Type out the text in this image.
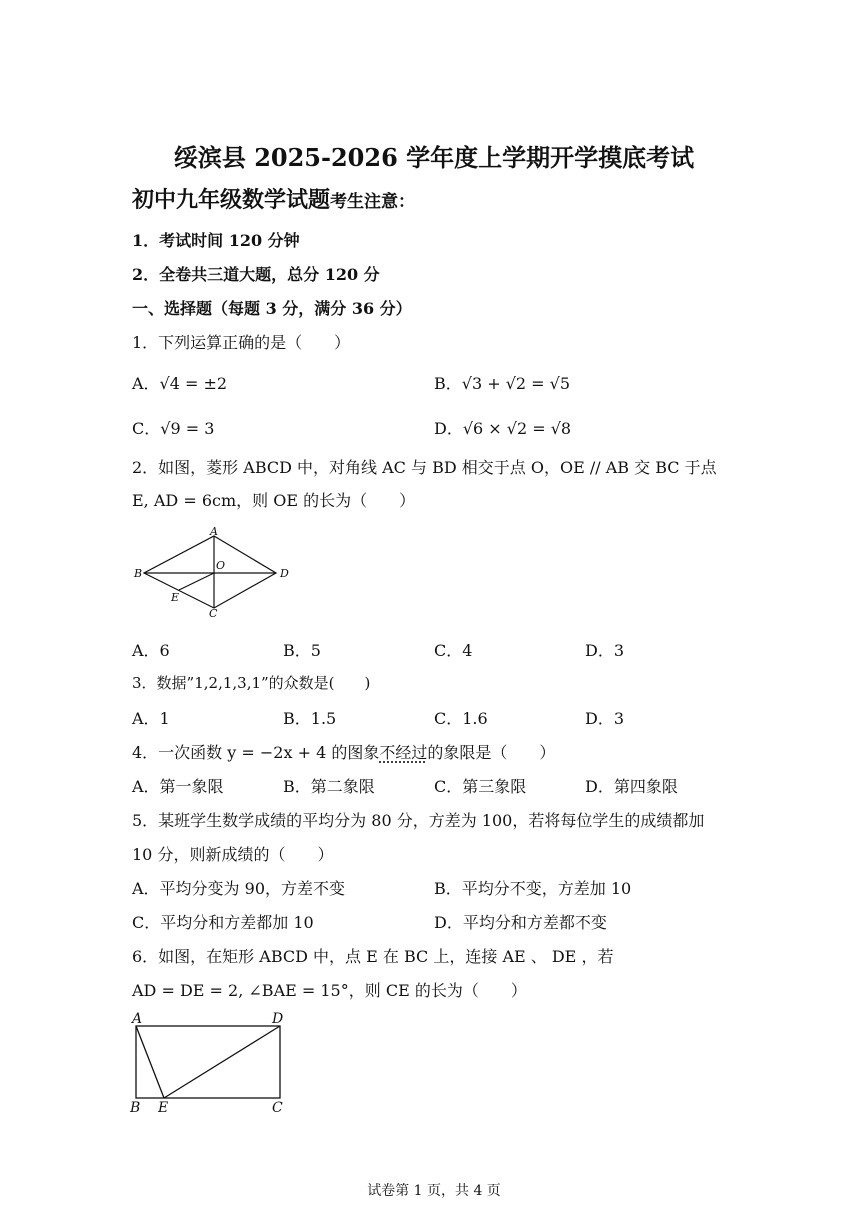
绥滨县 2025-2026 学年度上学期开学摸底考试
初中九年级数学试题考生注意：
1．考试时间 120 分钟
2．全卷共三道大题，总分 120 分
一、选择题（每题 3 分，满分 36 分）
1．下列运算正确的是（　　）
A．√4 = ±2	B．√3 + √2 = √5
C．√9 = 3	D．√6 × √2 = √8
2．如图，菱形 ABCD 中，对角线 AC 与 BD 相交于点 O，OE // AB 交 BC 于点
E, AD = 6cm，则 OE 的长为（　　）
A
B
C
D
O
E
A．6	B．5	C．4	D．3
3．数据”1,2,1,3,1”的众数是(　　)
A．1	B．1.5	C．1.6	D．3
4．一次函数 y = −2x + 4 的图象不经过的象限是（　　）
A．第一象限	B．第二象限	C．第三象限	D．第四象限
5．某班学生数学成绩的平均分为 80 分，方差为 100，若将每位学生的成绩都加
10 分，则新成绩的（　　）
A．平均分变为 90，方差不变	B．平均分不变，方差加 10
C．平均分和方差都加 10	D．平均分和方差都不变
6．如图，在矩形 ABCD 中，点 E 在 BC 上，连接 AE 、 DE ，若
AD = DE = 2, ∠BAE = 15°，则 CE 的长为（　　）
A	D
B E	C
试卷第 1 页，共 4 页
